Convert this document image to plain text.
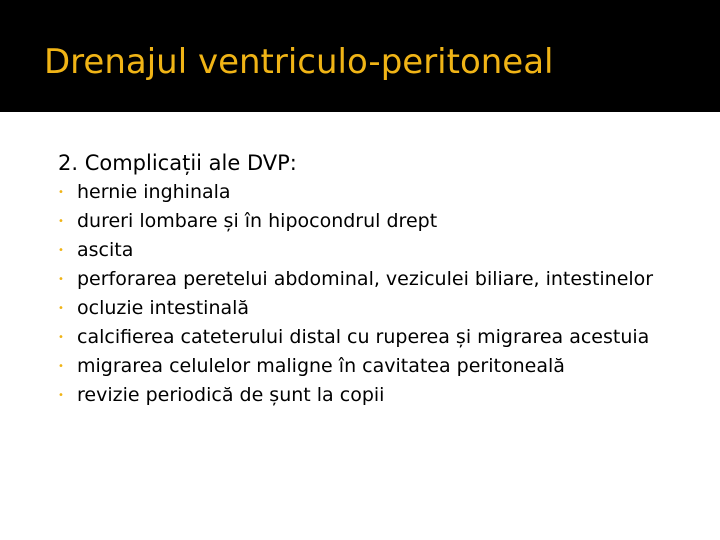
Drenajul ventriculo-peritoneal

2. Complicații ale DVP:

• hernie inghinala
• dureri lombare și în hipocondrul drept
• ascita
• perforarea peretelui abdominal, veziculei biliare, intestinelor
• ocluzie intestinală
• calcifierea cateterului distal cu ruperea și migrarea acestuia
• migrarea celulelor maligne în cavitatea peritoneală
• revizie periodică de șunt la copii
